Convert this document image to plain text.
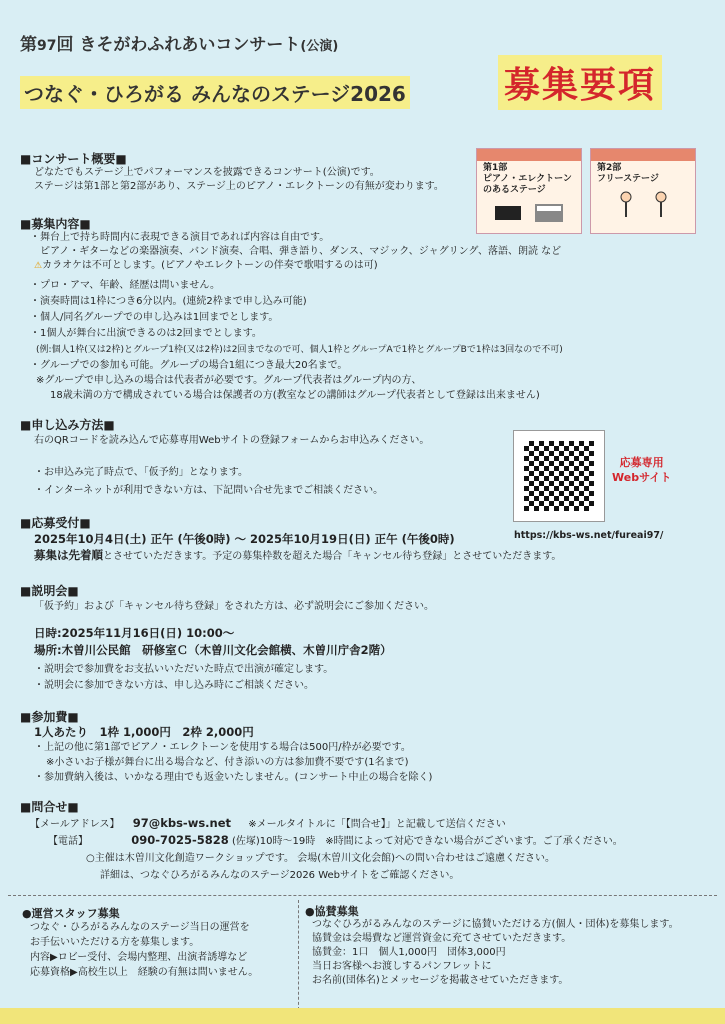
第97回 きそがわふれあいコンサート(公演)
つなぐ・ひろがる みんなのステージ2026	募集要項
■コンサート概要■
どなたでもステージ上でパフォーマンスを披露できるコンサート(公演)です。
ステージは第1部と第2部があり、ステージ上のピアノ・エレクトーンの有無が変わります。
第1部
ピアノ・エレクトーン
のあるステージ
第2部
フリーステージ
■募集内容■
・舞台上で持ち時間内に表現できる演目であれば内容は自由です。
ピアノ・ギターなどの楽器演奏、バンド演奏、合唱、弾き語り、ダンス、マジック、ジャグリング、落語、朗読 など
⚠カラオケは不可とします。(ピアノやエレクトーンの伴奏で歌唱するのは可)
・プロ・アマ、年齢、経歴は問いません。
・演奏時間は1枠につき6分以内。(連続2枠まで申し込み可能)
・個人/同名グループでの申し込みは1回までとします。
・1個人が舞台に出演できるのは2回までとします。
(例:個人1枠(又は2枠)とグループ1枠(又は2枠)は2回までなので可、個人1枠とグループAで1枠とグループBで1枠は3回なので不可)
・グループでの参加も可能。グループの場合1組につき最大20名まで。
※グループで申し込みの場合は代表者が必要です。グループ代表者はグループ内の方、
18歳未満の方で構成されている場合は保護者の方(教室などの講師はグループ代表者として登録は出来ません)
■申し込み方法■
右のQRコードを読み込んで応募専用Webサイトの登録フォームからお申込みください。
・お申込み完了時点で、「仮予約」となります。
・インターネットが利用できない方は、下記問い合せ先までご相談ください。
応募専用
Webサイト
https://kbs-ws.net/fureai97/
■応募受付■
2025年10月4日(土) 正午 (午後0時) 〜 2025年10月19日(日) 正午 (午後0時)
募集は先着順とさせていただきます。予定の募集枠数を超えた場合「キャンセル待ち登録」とさせていただきます。
■説明会■
「仮予約」および「キャンセル待ち登録」をされた方は、必ず説明会にご参加ください。
日時:2025年11月16日(日) 10:00〜
場所:木曽川公民館　研修室Ｃ（木曽川文化会館横、木曽川庁舎2階）
・説明会で参加費をお支払いいただいた時点で出演が確定します。
・説明会に参加できない方は、申し込み時にご相談ください。
■参加費■
1人あたり　1枠 1,000円　2枠 2,000円
・上記の他に第1部でピアノ・エレクトーンを使用する場合は500円/枠が必要です。
※小さいお子様が舞台に出る場合など、付き添いの方は参加費不要です(1名まで)
・参加費納入後は、いかなる理由でも返金いたしません。(コンサート中止の場合を除く)
■問合せ■
【メールアドレス】 97@kbs-ws.net ※メールタイトルに「【問合せ】」と記載して送信ください
【電話】	090-7025-5828 (佐塚)10時〜19時　※時間によって対応できない場合がございます。ご了承ください。
○主催は木曽川文化創造ワークショップです。 会場(木曽川文化会館)への問い合わせはご遠慮ください。
詳細は、つなぐひろがるみんなのステージ2026 Webサイトをご確認ください。
●運営スタッフ募集
つなぐ・ひろがるみんなのステージ当日の運営を
お手伝いいただける方を募集します。
内容▶ロビー受付、会場内整理、出演者誘導など
応募資格▶高校生以上　経験の有無は問いません。
●協賛募集
つなぐひろがるみんなのステージに協賛いただける方(個人・団体)を募集します。
協賛金は会場費など運営資金に充てさせていただきます。
協賛金：1口　個人1,000円　団体3,000円
当日お客様へお渡しするパンフレットに
お名前(団体名)とメッセージを掲載させていただきます。
